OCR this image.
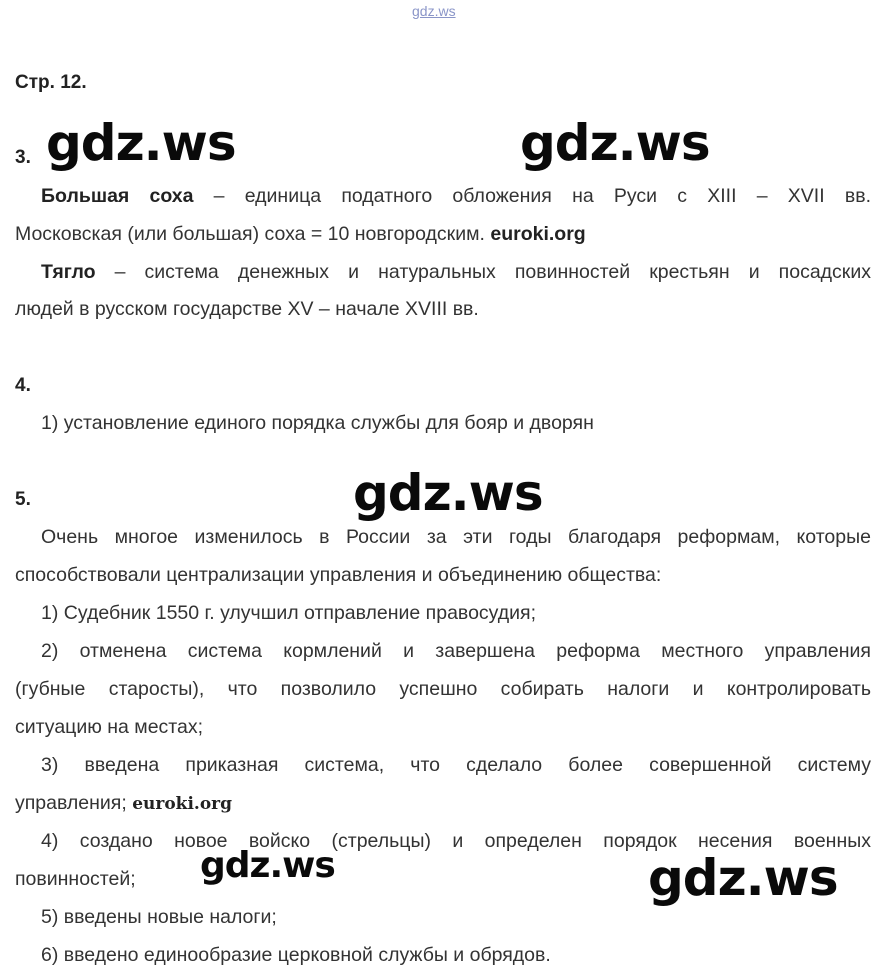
gdz.ws
Стр. 12.
3.
Большая соха – единица податного обложения на Руси с XIII – XVII вв.
Московская (или большая) соха = 10 новгородским. euroki.org
Тягло – система денежных и натуральных повинностей крестьян и посадских
людей в русском государстве XV – начале XVIII вв.
4.
1) установление единого порядка службы для бояр и дворян
5.
Очень многое изменилось в России за эти годы благодаря реформам, которые
способствовали централизации управления и объединению общества:
1) Судебник 1550 г. улучшил отправление правосудия;
2) отменена система кормлений и завершена реформа местного управления
(губные старосты), что позволило успешно собирать налоги и контролировать
ситуацию на местах;
3) введена приказная система, что сделало более совершенной систему
управления; euroki.org
4) создано новое войско (стрельцы) и определен порядок несения военных
повинностей;
5) введены новые налоги;
6) введено единообразие церковной службы и обрядов.
gdz.ws	gdz.ws
gdz.ws
gdz.ws	gdz.ws
